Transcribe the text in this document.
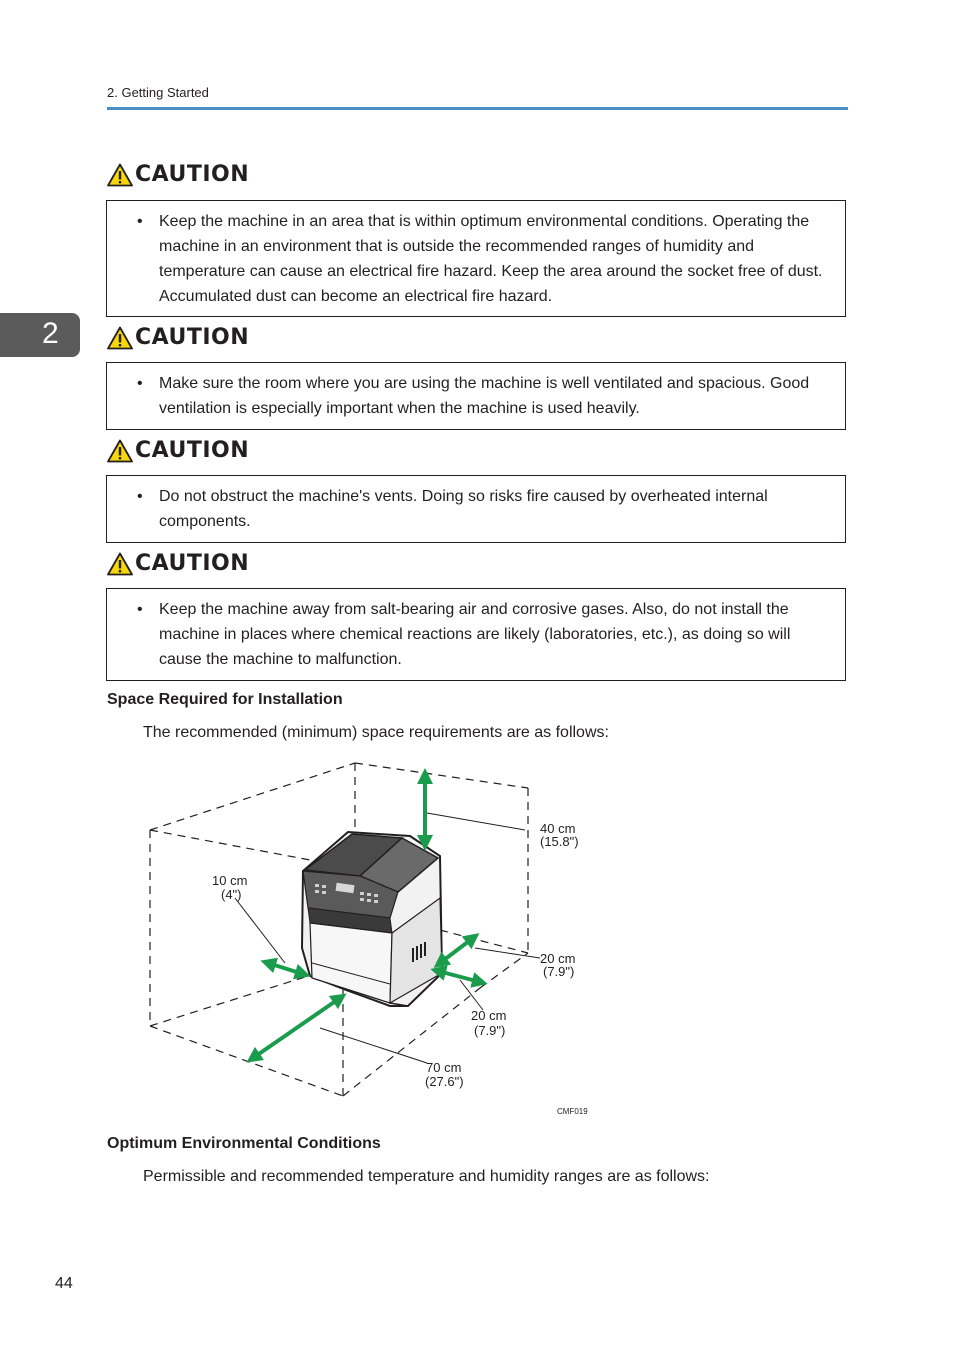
2. Getting Started
2
CAUTION
•	Keep the machine in an area that is within optimum environmental conditions. Operating the machine in an environment that is outside the recommended ranges of humidity and temperature can cause an electrical fire hazard. Keep the area around the socket free of dust. Accumulated dust can become an electrical fire hazard.
CAUTION
•	Make sure the room where you are using the machine is well ventilated and spacious. Good ventilation is especially important when the machine is used heavily.
CAUTION
•	Do not obstruct the machine's vents. Doing so risks fire caused by overheated internal components.
CAUTION
•	Keep the machine away from salt-bearing air and corrosive gases. Also, do not install the machine in places where chemical reactions are likely (laboratories, etc.), as doing so will cause the machine to malfunction.
Space Required for Installation
The recommended (minimum) space requirements are as follows:
40 cm
(15.8")
10 cm
(4")
20 cm
(7.9")
20 cm
(7.9")
70 cm
(27.6")
CMF019
Optimum Environmental Conditions
Permissible and recommended temperature and humidity ranges are as follows:
44
